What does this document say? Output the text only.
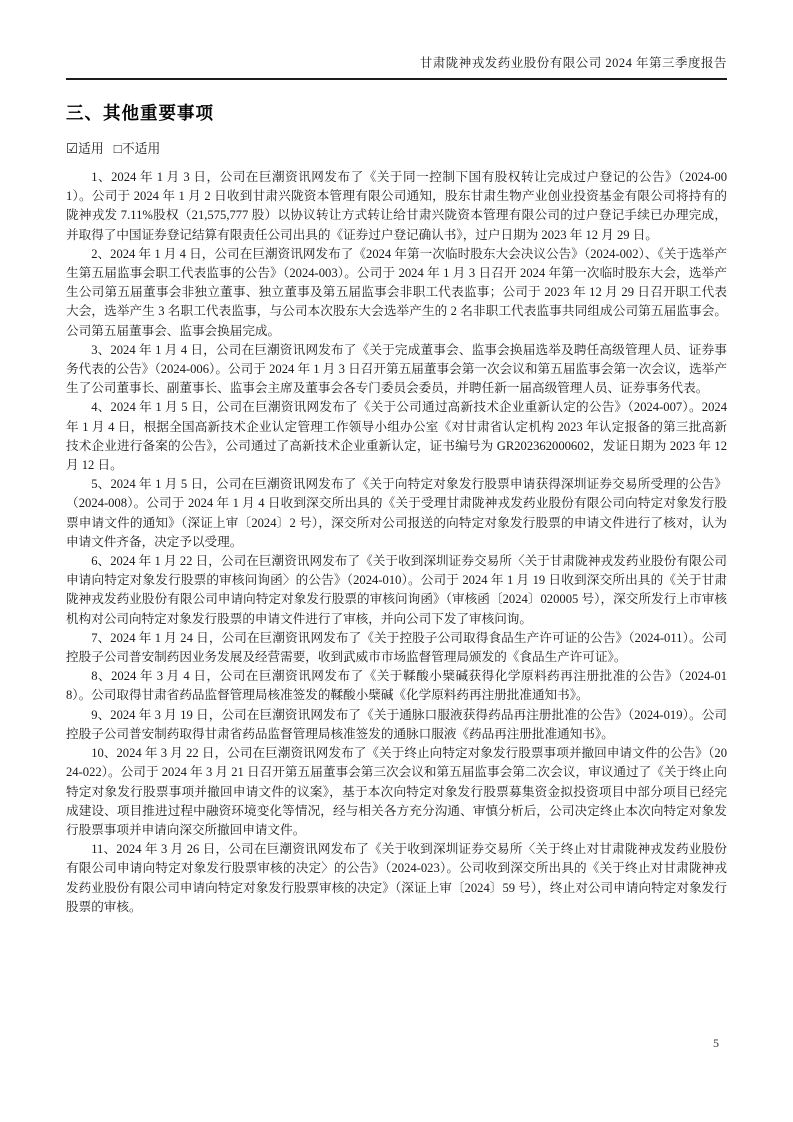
甘肃陇神戎发药业股份有限公司 2024 年第三季度报告
三、其他重要事项
☑适用 □不适用

1、2024 年 1 月 3 日，公司在巨潮资讯网发布了《关于同一控制下国有股权转让完成过户登记的公告》（2024-001）。公司于 2024 年 1 月 2 日收到甘肃兴陇资本管理有限公司通知，股东甘肃生物产业创业投资基金有限公司将持有的陇神戎发 7.11%股权（21,575,777 股）以协议转让方式转让给甘肃兴陇资本管理有限公司的过户登记手续已办理完成，并取得了中国证券登记结算有限责任公司出具的《证券过户登记确认书》，过户日期为 2023 年 12 月 29 日。

2、2024 年 1 月 4 日，公司在巨潮资讯网发布了《2024 年第一次临时股东大会决议公告》（2024-002）、《关于选举产生第五届监事会职工代表监事的公告》（2024-003）。公司于 2024 年 1 月 3 日召开 2024 年第一次临时股东大会，选举产生公司第五届董事会非独立董事、独立董事及第五届监事会非职工代表监事；公司于 2023 年 12 月 29 日召开职工代表大会，选举产生 3 名职工代表监事，与公司本次股东大会选举产生的 2 名非职工代表监事共同组成公司第五届监事会。公司第五届董事会、监事会换届完成。

3、2024 年 1 月 4 日，公司在巨潮资讯网发布了《关于完成董事会、监事会换届选举及聘任高级管理人员、证券事务代表的公告》（2024-006）。公司于 2024 年 1 月 3 日召开第五届董事会第一次会议和第五届监事会第一次会议，选举产生了公司董事长、副董事长、监事会主席及董事会各专门委员会委员，并聘任新一届高级管理人员、证券事务代表。

4、2024 年 1 月 5 日，公司在巨潮资讯网发布了《关于公司通过高新技术企业重新认定的公告》（2024-007）。2024 年 1 月 4 日，根据全国高新技术企业认定管理工作领导小组办公室《对甘肃省认定机构 2023 年认定报备的第三批高新技术企业进行备案的公告》，公司通过了高新技术企业重新认定，证书编号为 GR202362000602，发证日期为 2023 年 12 月 12 日。

5、2024 年 1 月 5 日，公司在巨潮资讯网发布了《关于向特定对象发行股票申请获得深圳证券交易所受理的公告》（2024-008）。公司于 2024 年 1 月 4 日收到深交所出具的《关于受理甘肃陇神戎发药业股份有限公司向特定对象发行股票申请文件的通知》（深证上审〔2024〕2 号），深交所对公司报送的向特定对象发行股票的申请文件进行了核对，认为申请文件齐备，决定予以受理。

6、2024 年 1 月 22 日，公司在巨潮资讯网发布了《关于收到深圳证券交易所〈关于甘肃陇神戎发药业股份有限公司申请向特定对象发行股票的审核问询函〉的公告》（2024-010）。公司于 2024 年 1 月 19 日收到深交所出具的《关于甘肃陇神戎发药业股份有限公司申请向特定对象发行股票的审核问询函》（审核函〔2024〕020005 号），深交所发行上市审核机构对公司向特定对象发行股票的申请文件进行了审核，并向公司下发了审核问询。

7、2024 年 1 月 24 日，公司在巨潮资讯网发布了《关于控股子公司取得食品生产许可证的公告》（2024-011）。公司控股子公司普安制药因业务发展及经营需要，收到武威市市场监督管理局颁发的《食品生产许可证》。

8、2024 年 3 月 4 日，公司在巨潮资讯网发布了《关于鞣酸小檗碱获得化学原料药再注册批准的公告》（2024-018）。公司取得甘肃省药品监督管理局核准签发的鞣酸小檗碱《化学原料药再注册批准通知书》。

9、2024 年 3 月 19 日，公司在巨潮资讯网发布了《关于通脉口服液获得药品再注册批准的公告》（2024-019）。公司控股子公司普安制药取得甘肃省药品监督管理局核准签发的通脉口服液《药品再注册批准通知书》。

10、2024 年 3 月 22 日，公司在巨潮资讯网发布了《关于终止向特定对象发行股票事项并撤回申请文件的公告》（2024-022）。公司于 2024 年 3 月 21 日召开第五届董事会第三次会议和第五届监事会第二次会议，审议通过了《关于终止向特定对象发行股票事项并撤回申请文件的议案》，基于本次向特定对象发行股票募集资金拟投资项目中部分项目已经完成建设、项目推进过程中融资环境变化等情况，经与相关各方充分沟通、审慎分析后，公司决定终止本次向特定对象发行股票事项并申请向深交所撤回申请文件。

11、2024 年 3 月 26 日，公司在巨潮资讯网发布了《关于收到深圳证券交易所〈关于终止对甘肃陇神戎发药业股份有限公司申请向特定对象发行股票审核的决定〉的公告》（2024-023）。公司收到深交所出具的《关于终止对甘肃陇神戎发药业股份有限公司申请向特定对象发行股票审核的决定》（深证上审〔2024〕59 号），终止对公司申请向特定对象发行股票的审核。

5
